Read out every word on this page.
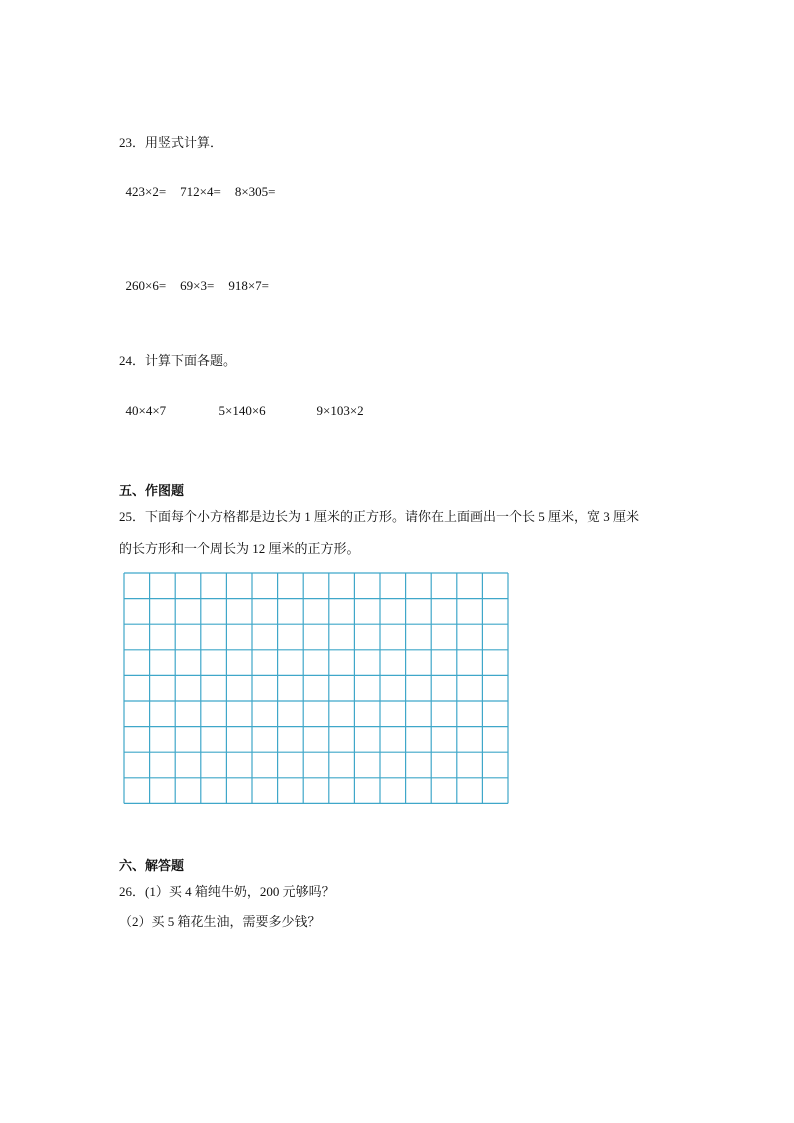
23．用竖式计算．

423×2= 712×4= 8×305=

260×6= 69×3= 918×7=

24．计算下面各题。

40×4×7	5×140×6	9×103×2

五、作图题
25．下面每个小方格都是边长为 1 厘米的正方形。请你在上面画出一个长 5 厘米，宽 3 厘米
的长方形和一个周长为 12 厘米的正方形。
六、解答题
26．(1）买 4 箱纯牛奶，200 元够吗？
（2）买 5 箱花生油，需要多少钱？
